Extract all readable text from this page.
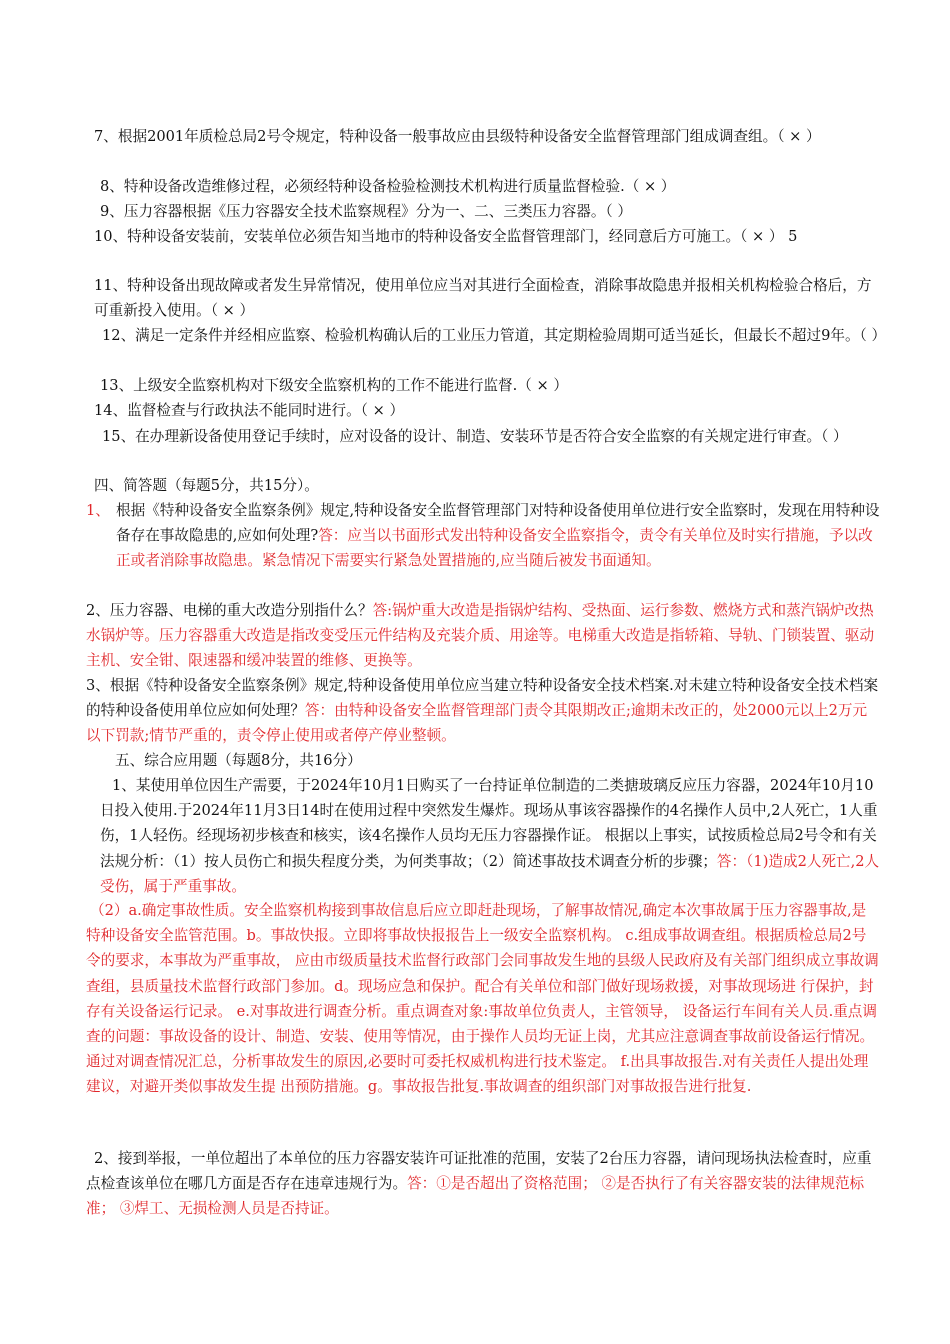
7、根据2001年质检总局2号令规定，特种设备一般事故应由县级特种设备安全监督管理部门组成调查组。（ × ）

8、特种设备改造维修过程，必须经特种设备检验检测技术机构进行质量监督检验.（ × ）

9、压力容器根据《压力容器安全技术监察规程》分为一、二、三类压力容器。（ ）

10、特种设备安装前，安装单位必须告知当地市的特种设备安全监督管理部门，经同意后方可施工。（ × ） 5

11、特种设备出现故障或者发生异常情况，使用单位应当对其进行全面检查，消除事故隐患并报相关机构检验合格后，方可重新投入使用。（ × ）

12、满足一定条件并经相应监察、检验机构确认后的工业压力管道，其定期检验周期可适当延长，但最长不超过9年。（ ）

13、上级安全监察机构对下级安全监察机构的工作不能进行监督.（ × ）

14、监督检查与行政执法不能同时进行。（ × ）

15、在办理新设备使用登记手续时，应对设备的设计、制造、安装环节是否符合安全监察的有关规定进行审查。（ ）

四、简答题（每题5分，共15分）。

1、 根据《特种设备安全监察条例》规定,特种设备安全监督管理部门对特种设备使用单位进行安全监察时，发现在用特种设备存在事故隐患的,应如何处理?答：应当以书面形式发出特种设备安全监察指令，责令有关单位及时实行措施，予以改正或者消除事故隐患。紧急情况下需要实行紧急处置措施的,应当随后被发书面通知。

2、压力容器、电梯的重大改造分别指什么？答:锅炉重大改造是指锅炉结构、受热面、运行参数、燃烧方式和蒸汽锅炉改热水锅炉等。压力容器重大改造是指改变受压元件结构及充装介质、用途等。电梯重大改造是指轿箱、导轨、门锁装置、驱动主机、安全钳、限速器和缓冲装置的维修、更换等。

3、根据《特种设备安全监察条例》规定,特种设备使用单位应当建立特种设备安全技术档案.对未建立特种设备安全技术档案的特种设备使用单位应如何处理？答：由特种设备安全监督管理部门责令其限期改正;逾期未改正的，处2000元以上2万元以下罚款;情节严重的，责令停止使用或者停产停业整顿。

五、综合应用题（每题8分，共16分）

1、某使用单位因生产需要，于2024年10月1日购买了一台持证单位制造的二类搪玻璃反应压力容器，2024年10月10日投入使用.于2024年11月3日14时在使用过程中突然发生爆炸。现场从事该容器操作的4名操作人员中,2人死亡，1人重伤，1人轻伤。经现场初步核查和核实，该4名操作人员均无压力容器操作证。 根据以上事实，试按质检总局2号令和有关法规分析：（1）按人员伤亡和损失程度分类，为何类事故；（2）简述事故技术调查分析的步骤；答：（1)造成2人死亡,2人受伤，属于严重事故。

（2）a.确定事故性质。安全监察机构接到事故信息后应立即赶赴现场，了解事故情况,确定本次事故属于压力容器事故,是特种设备安全监管范围。b。事故快报。立即将事故快报报告上一级安全监察机构。 c.组成事故调查组。根据质检总局2号令的要求，本事故为严重事故， 应由市级质量技术监督行政部门会同事故发生地的县级人民政府及有关部门组织成立事故调查组，县质量技术监督行政部门参加。d。现场应急和保护。配合有关单位和部门做好现场救援，对事故现场进 行保护，封存有关设备运行记录。 e.对事故进行调查分析。重点调查对象:事故单位负责人，主管领导， 设备运行车间有关人员.重点调查的问题：事故设备的设计、制造、安装、使用等情况，由于操作人员均无证上岗，尤其应注意调查事故前设备运行情况。通过对调查情况汇总，分析事故发生的原因,必要时可委托权威机构进行技术鉴定。 f.出具事故报告.对有关责任人提出处理建议，对避开类似事故发生提 出预防措施。g。事故报告批复.事故调查的组织部门对事故报告进行批复.

2、接到举报，一单位超出了本单位的压力容器安装许可证批准的范围，安装了2台压力容器，请问现场执法检查时，应重点检查该单位在哪几方面是否存在违章违规行为。答：①是否超出了资格范围； ②是否执行了有关容器安装的法律规范标准； ③焊工、无损检测人员是否持证。
